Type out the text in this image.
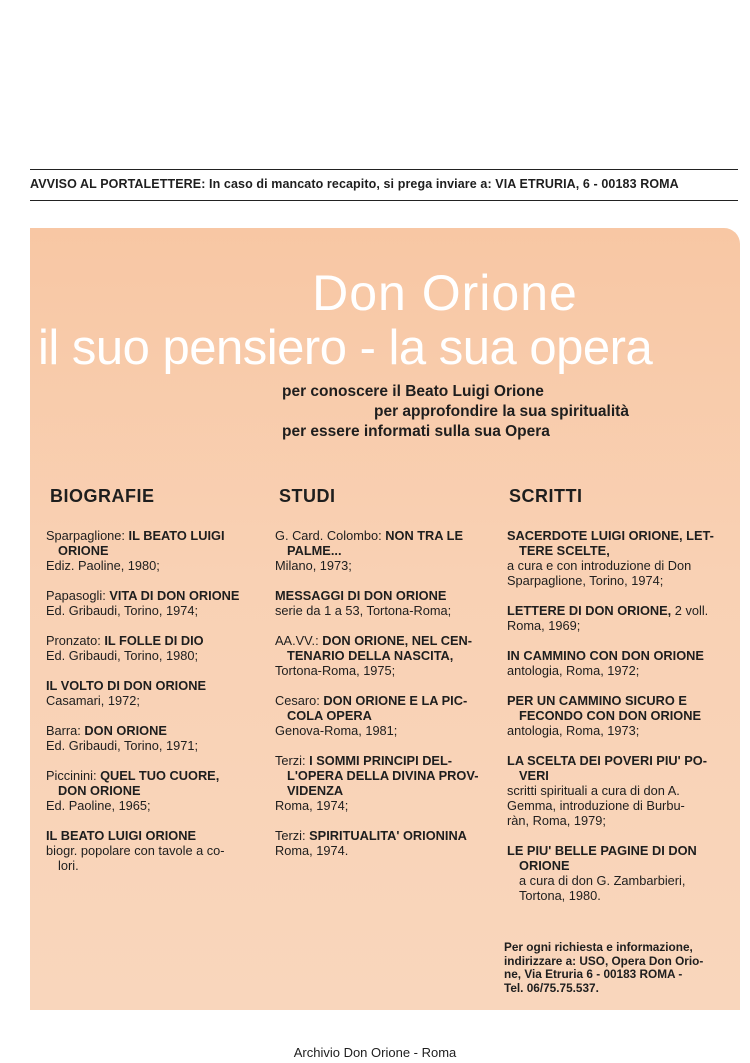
AVVISO AL PORTALETTERE: In caso di mancato recapito, si prega inviare a: VIA ETRURIA, 6 - 00183 ROMA
Don Orione
il suo pensiero - la sua opera
per conoscere il Beato Luigi Orione
per approfondire la sua spiritualità
per essere informati sulla sua Opera
BIOGRAFIE	STUDI	SCRITTI
Sparpaglione: IL BEATO LUIGI
ORIONE
Ediz. Paoline, 1980;
Papasogli: VITA DI DON ORIONE
Ed. Gribaudi, Torino, 1974;
Pronzato: IL FOLLE DI DIO
Ed. Gribaudi, Torino, 1980;
IL VOLTO DI DON ORIONE
Casamari, 1972;
Barra: DON ORIONE
Ed. Gribaudi, Torino, 1971;
Piccinini: QUEL TUO CUORE,
DON ORIONE
Ed. Paoline, 1965;
IL BEATO LUIGI ORIONE
biogr. popolare con tavole a co-
lori.
G. Card. Colombo: NON TRA LE
PALME...
Milano, 1973;
MESSAGGI DI DON ORIONE
serie da 1 a 53, Tortona-Roma;
AA.VV.: DON ORIONE, NEL CEN-
TENARIO DELLA NASCITA,
Tortona-Roma, 1975;
Cesaro: DON ORIONE E LA PIC-
COLA OPERA
Genova-Roma, 1981;
Terzi: I SOMMI PRINCIPI DEL-
L'OPERA DELLA DIVINA PROV-
VIDENZA
Roma, 1974;
Terzi: SPIRITUALITA' ORIONINA
Roma, 1974.
SACERDOTE LUIGI ORIONE, LET-
TERE SCELTE,
a cura e con introduzione di Don
Sparpaglione, Torino, 1974;
LETTERE DI DON ORIONE, 2 voll.
Roma, 1969;
IN CAMMINO CON DON ORIONE
antologia, Roma, 1972;
PER UN CAMMINO SICURO E
FECONDO CON DON ORIONE
antologia, Roma, 1973;
LA SCELTA DEI POVERI PIU' PO-
VERI
scritti spirituali a cura di don A.
Gemma, introduzione di Burbu-
ràn, Roma, 1979;
LE PIU' BELLE PAGINE DI DON
ORIONE
a cura di don G. Zambarbieri,
Tortona, 1980.
Per ogni richiesta e informazione,
indirizzare a: USO, Opera Don Orio-
ne, Via Etruria 6 - 00183 ROMA -
Tel. 06/75.75.537.
Archivio Don Orione - Roma
